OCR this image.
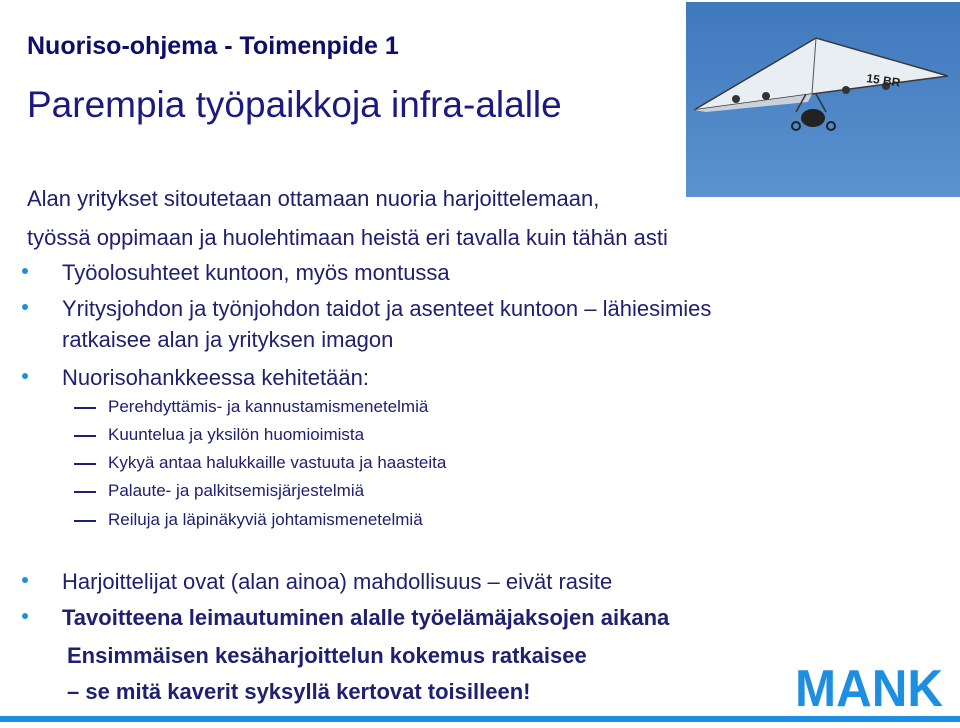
Nuoriso-ohjema - Toimenpide 1
Parempia työpaikkoja infra-alalle
Alan yritykset sitoutetaan ottamaan nuoria harjoittelemaan,
työssä oppimaan ja huolehtimaan heistä eri tavalla kuin tähän asti
Työolosuhteet kuntoon, myös montussa
Yritysjohdon ja työnjohdon taidot ja asenteet kuntoon – lähiesimies
ratkaisee alan ja yrityksen imagon
Nuorisohankkeessa kehitetään:
Perehdyttämis- ja kannustamismenetelmiä
Kuuntelua ja yksilön huomioimista
Kykyä antaa halukkaille vastuuta ja haasteita
Palaute- ja palkitsemisjärjestelmiä
Reiluja ja läpinäkyviä johtamismenetelmiä
Harjoittelijat ovat (alan ainoa) mahdollisuus – eivät rasite
Tavoitteena leimautuminen alalle työelämäjaksojen aikana
Ensimmäisen kesäharjoittelun kokemus ratkaisee
– se mitä kaverit syksyllä kertovat toisilleen!
15 BR
MANK
